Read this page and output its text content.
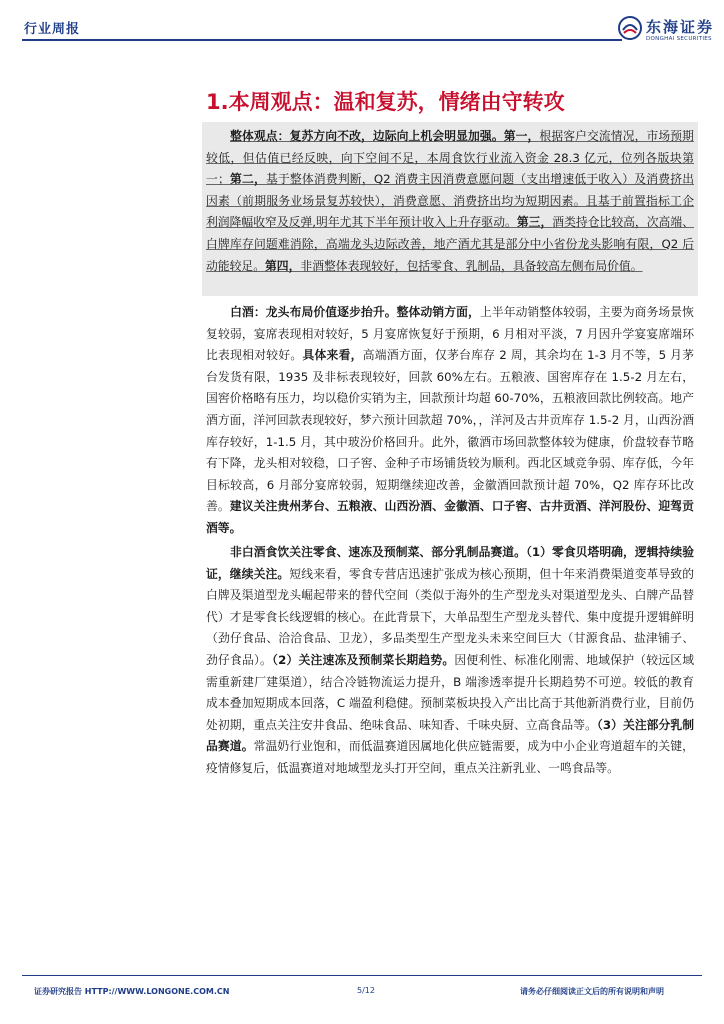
行业周报	东海证券
DONGHAI SECURITIES
1.本周观点：温和复苏，情绪由守转攻

整体观点：复苏方向不改，边际向上机会明显加强。第一，根据客户交流情况，市场预期较低，但估值已经反映，向下空间不足，本周食饮行业流入资金 28.3 亿元，位列各版块第一；第二，基于整体消费判断，Q2 消费主因消费意愿问题（支出增速低于收入）及消费挤出因素（前期服务业场景复苏较快），消费意愿、消费挤出均为短期因素。且基于前置指标工企利润降幅收窄及反弹,明年尤其下半年预计收入上升存驱动。第三，酒类持仓比较高，次高端、白牌库存问题难消除，高端龙头边际改善，地产酒尤其是部分中小省份龙头影响有限，Q2 后动能较足。第四，非酒整体表现较好，包括零食、乳制品，具备较高左侧布局价值。

白酒：龙头布局价值逐步抬升。整体动销方面，上半年动销整体较弱，主要为商务场景恢复较弱，宴席表现相对较好，5 月宴席恢复好于预期，6 月相对平淡，7 月因升学宴宴席端环比表现相对较好。具体来看，高端酒方面，仅茅台库存 2 周，其余均在 1-3 月不等，5 月茅台发货有限，1935 及非标表现较好，回款 60%左右。五粮液、国窖库存在 1.5-2 月左右，国窖价格略有压力，均以稳价实销为主，回款预计均超 60-70%，五粮液回款比例较高。地产酒方面，洋河回款表现较好，梦六预计回款超 70%，，洋河及古井贡库存 1.5-2 月，山西汾酒库存较好，1-1.5 月，其中玻汾价格回升。此外，徽酒市场回款整体较为健康，价盘较春节略有下降，龙头相对较稳，口子窖、金种子市场铺货较为顺利。西北区域竞争弱、库存低，今年目标较高，6 月部分宴席较弱，短期继续迎改善，金徽酒回款预计超 70%，Q2 库存环比改善。建议关注贵州茅台、五粮液、山西汾酒、金徽酒、口子窖、古井贡酒、洋河股份、迎驾贡酒等。

非白酒食饮关注零食、速冻及预制菜、部分乳制品赛道。（1）零食贝塔明确，逻辑持续验证，继续关注。短线来看，零食专营店迅速扩张成为核心预期，但十年来消费渠道变革导致的白牌及渠道型龙头崛起带来的替代空间（类似于海外的生产型龙头对渠道型龙头、白牌产品替代）才是零食长线逻辑的核心。在此背景下，大单品型生产型龙头替代、集中度提升逻辑鲜明（劲仔食品、洽洽食品、卫龙），多品类型生产型龙头未来空间巨大（甘源食品、盐津铺子、劲仔食品）。（2）关注速冻及预制菜长期趋势。因便利性、标准化刚需、地域保护（较远区域需重新建厂建渠道），结合冷链物流运力提升，B 端渗透率提升长期趋势不可逆。较低的教育成本叠加短期成本回落，C 端盈利稳健。预制菜板块投入产出比高于其他新消费行业，目前仍处初期，重点关注安井食品、绝味食品、味知香、千味央厨、立高食品等。（3）关注部分乳制品赛道。常温奶行业饱和，而低温赛道因属地化供应链需要，成为中小企业弯道超车的关键，疫情修复后，低温赛道对地域型龙头打开空间，重点关注新乳业、一鸣食品等。

证券研究报告 HTTP://WWW.LONGONE.COM.CN	5/12	请务必仔细阅读正文后的所有说明和声明
